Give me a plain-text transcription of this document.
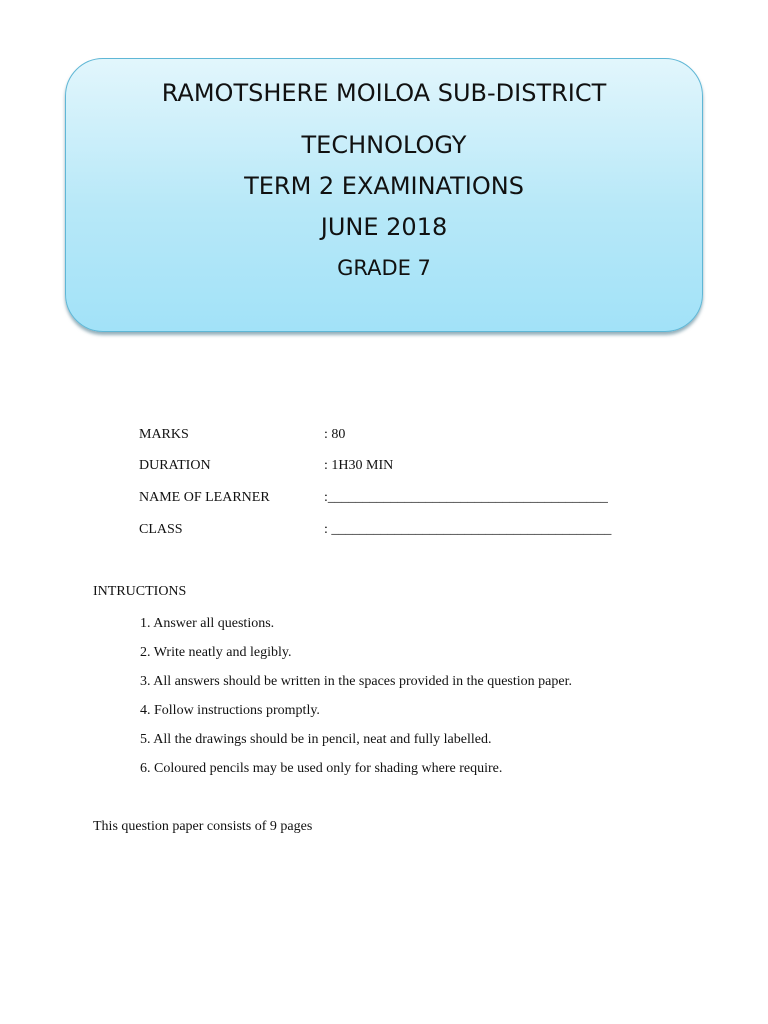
RAMOTSHERE MOILOA SUB-DISTRICT
TECHNOLOGY
TERM 2 EXAMINATIONS
JUNE 2018
GRADE 7
MARKS	: 80
DURATION	: 1H30 MIN
NAME OF LEARNER	:________________________________________
CLASS	: ________________________________________
INTRUCTIONS
1. Answer all questions.
2. Write neatly and legibly.
3. All answers should be written in the spaces provided in the question paper.
4. Follow instructions promptly.
5. All the drawings should be in pencil, neat and fully labelled.
6. Coloured pencils may be used only for shading where require.
This question paper consists of 9 pages
